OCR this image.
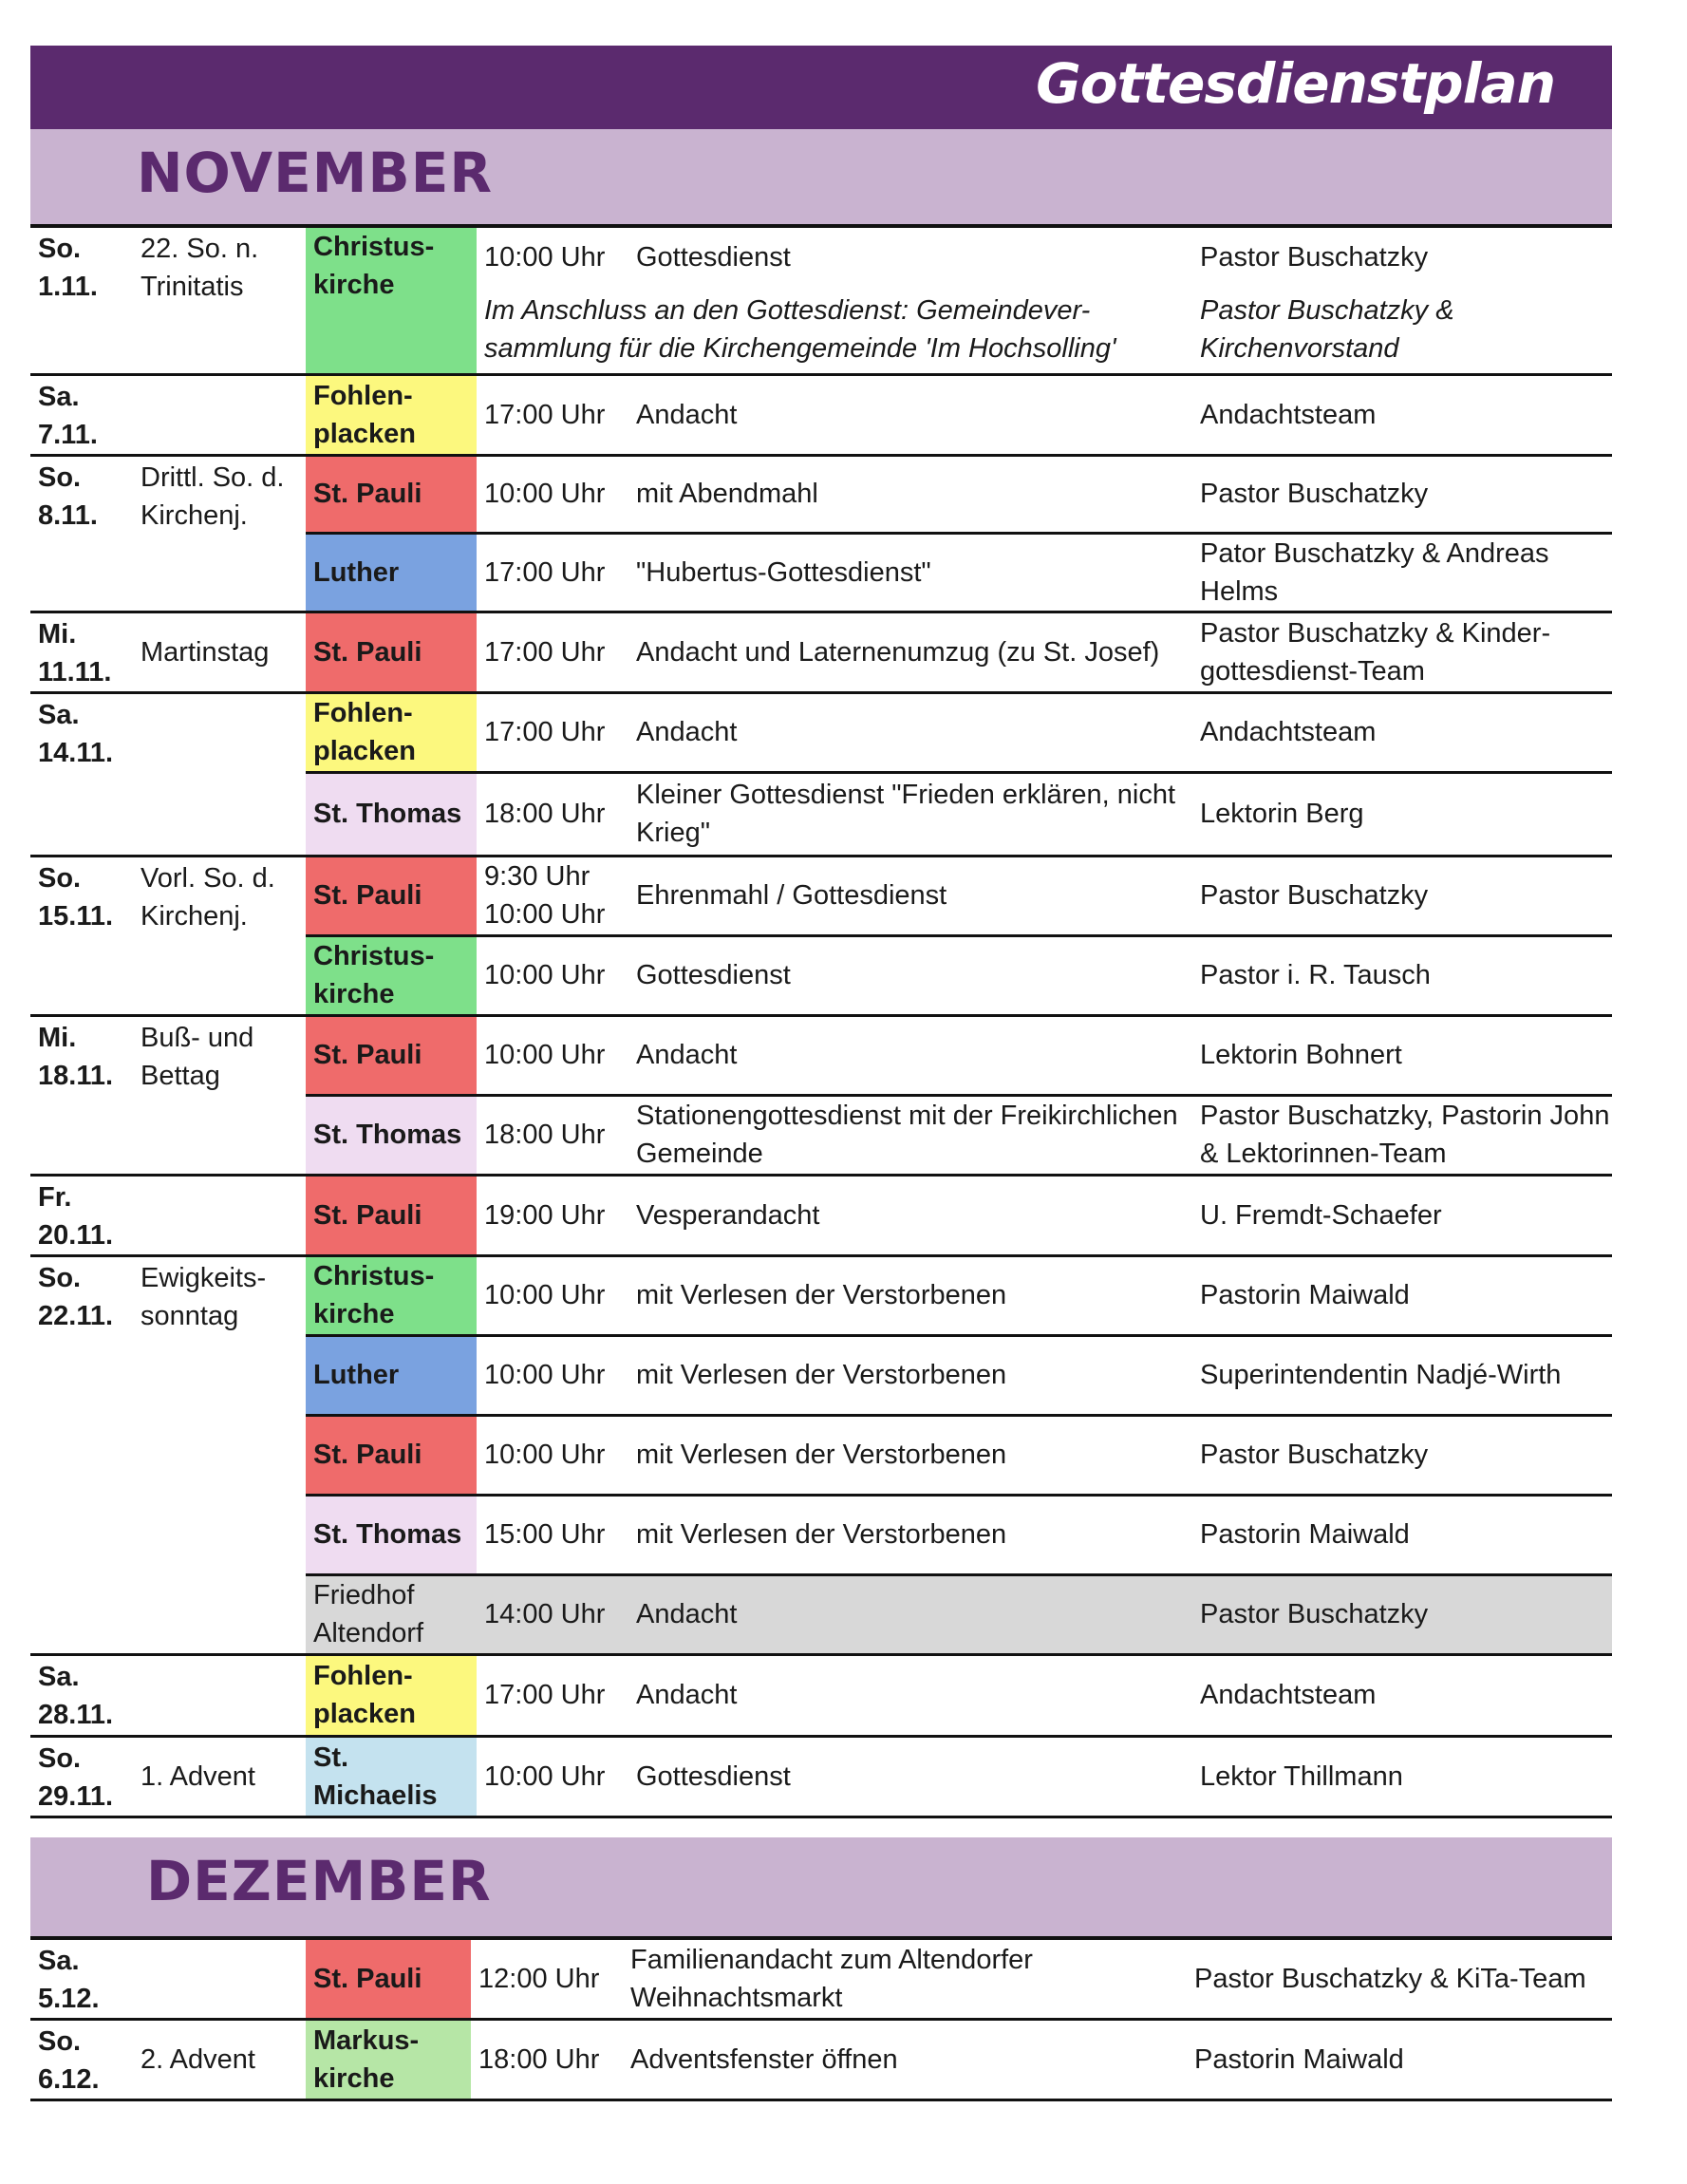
Gottesdienstplan
NOVEMBER
So.
1.11.	22. So. n. Trinitatis	Christus-kirche	10:00 Uhr	Gottesdienst	Pastor Buschatzky
			Im Anschluss an den Gottesdienst: Gemeindever-sammlung für die Kirchengemeinde 'Im Hochsolling'		Pastor Buschatzky & Kirchenvorstand
Sa.
7.11.		Fohlen-placken	17:00 Uhr	Andacht	Andachtsteam
So.
8.11.	Drittl. So. d. Kirchenj.	St. Pauli	10:00 Uhr	mit Abendmahl	Pastor Buschatzky
		Luther	17:00 Uhr	"Hubertus-Gottesdienst"	Pator Buschatzky & Andreas Helms
Mi.
11.11.	Martinstag	St. Pauli	17:00 Uhr	Andacht und Laternenumzug (zu St. Josef)	Pastor Buschatzky & Kinder-gottesdienst-Team
Sa.
14.11.		Fohlen-placken	17:00 Uhr	Andacht	Andachtsteam
		St. Thomas	18:00 Uhr	Kleiner Gottesdienst "Frieden erklären, nicht Krieg"	Lektorin Berg
So.
15.11.	Vorl. So. d. Kirchenj.	St. Pauli	9:30 Uhr 10:00 Uhr	Ehrenmahl / Gottesdienst	Pastor Buschatzky
		Christus-kirche	10:00 Uhr	Gottesdienst	Pastor i. R. Tausch
Mi.
18.11.	Buß- und Bettag	St. Pauli	10:00 Uhr	Andacht	Lektorin Bohnert
		St. Thomas	18:00 Uhr	Stationengottesdienst mit der Freikirchlichen Gemeinde	Pastor Buschatzky, Pastorin John & Lektorinnen-Team
Fr.
20.11.		St. Pauli	19:00 Uhr	Vesperandacht	U. Fremdt-Schaefer
So.
22.11.	Ewigkeits-sonntag	Christus-kirche	10:00 Uhr	mit Verlesen der Verstorbenen	Pastorin Maiwald
		Luther	10:00 Uhr	mit Verlesen der Verstorbenen	Superintendentin Nadjé-Wirth
		St. Pauli	10:00 Uhr	mit Verlesen der Verstorbenen	Pastor Buschatzky
		St. Thomas	15:00 Uhr	mit Verlesen der Verstorbenen	Pastorin Maiwald
		Friedhof Altendorf	14:00 Uhr	Andacht	Pastor Buschatzky
Sa.
28.11.		Fohlen-placken	17:00 Uhr	Andacht	Andachtsteam
So.
29.11.	1. Advent	St. Michaelis	10:00 Uhr	Gottesdienst	Lektor Thillmann
DEZEMBER
Sa.
5.12.		St. Pauli	12:00 Uhr	Familienandacht zum Altendorfer Weihnachtsmarkt	Pastor Buschatzky & KiTa-Team
So.
6.12.	2. Advent	Markus-kirche	18:00 Uhr	Adventsfenster öffnen	Pastorin Maiwald
